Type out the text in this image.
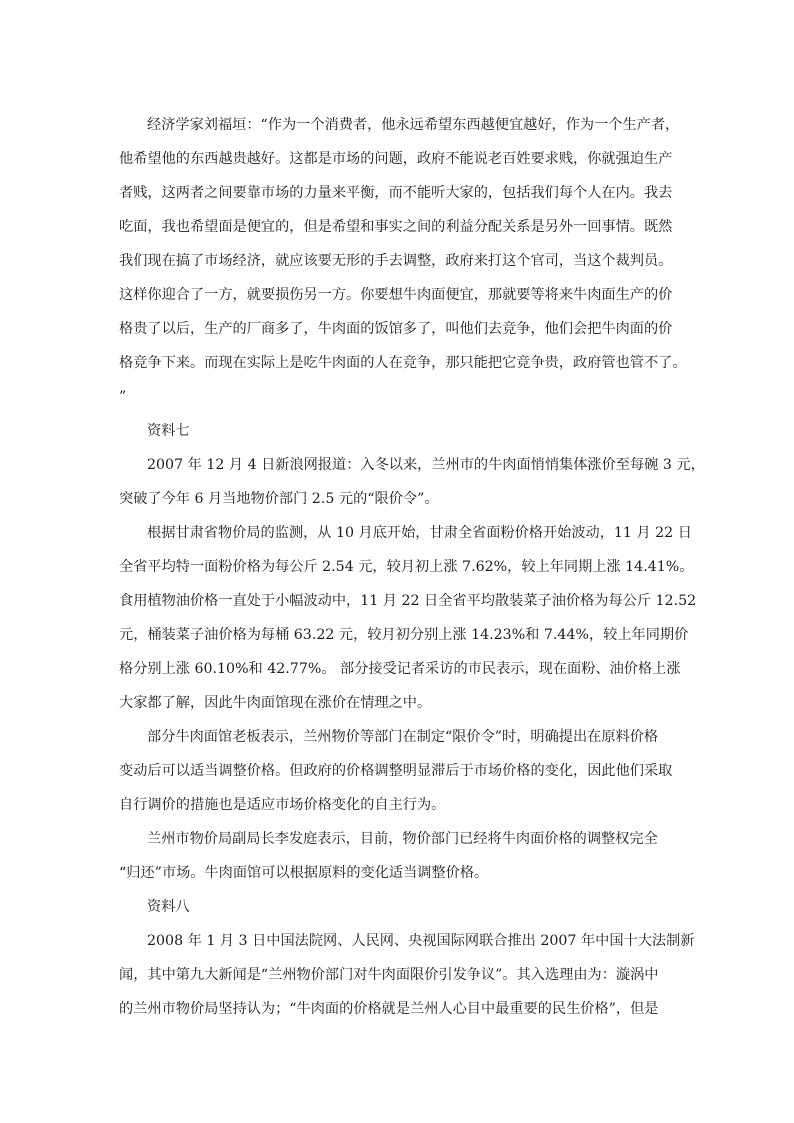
经济学家刘福垣：“作为一个消费者，他永远希望东西越便宜越好，作为一个生产者，
他希望他的东西越贵越好。这都是市场的问题，政府不能说老百姓要求贱，你就强迫生产
者贱，这两者之间要靠市场的力量来平衡，而不能听大家的，包括我们每个人在内。我去
吃面，我也希望面是便宜的，但是希望和事实之间的利益分配关系是另外一回事情。既然
我们现在搞了市场经济，就应该要无形的手去调整，政府来打这个官司，当这个裁判员。
这样你迎合了一方，就要损伤另一方。你要想牛肉面便宜，那就要等将来牛肉面生产的价
格贵了以后，生产的厂商多了，牛肉面的饭馆多了，叫他们去竞争，他们会把牛肉面的价
格竞争下来。而现在实际上是吃牛肉面的人在竞争，那只能把它竞争贵，政府管也管不了。
”
资料七
2007 年 12 月 4 日新浪网报道：入冬以来，兰州市的牛肉面悄悄集体涨价至每碗 3 元，
突破了今年 6 月当地物价部门 2.5 元的“限价令”。
根据甘肃省物价局的监测，从 10 月底开始，甘肃全省面粉价格开始波动，11 月 22 日
全省平均特一面粉价格为每公斤 2.54 元，较月初上涨 7.62%，较上年同期上涨 14.41%。
食用植物油价格一直处于小幅波动中，11 月 22 日全省平均散装菜子油价格为每公斤 12.52
元，桶装菜子油价格为每桶 63.22 元，较月初分别上涨 14.23%和 7.44%，较上年同期价
格分别上涨 60.10%和 42.77%。 部分接受记者采访的市民表示，现在面粉、油价格上涨
大家都了解，因此牛肉面馆现在涨价在情理之中。
部分牛肉面馆老板表示，兰州物价等部门在制定“限价令”时，明确提出在原料价格
变动后可以适当调整价格。但政府的价格调整明显滞后于市场价格的变化，因此他们采取
自行调价的措施也是适应市场价格变化的自主行为。
兰州市物价局副局长李发庭表示，目前，物价部门已经将牛肉面价格的调整权完全
“归还”市场。牛肉面馆可以根据原料的变化适当调整价格。
资料八
2008 年 1 月 3 日中国法院网、人民网、央视国际网联合推出 2007 年中国十大法制新
闻，其中第九大新闻是“兰州物价部门对牛肉面限价引发争议”。其入选理由为：漩涡中
的兰州市物价局坚持认为；“牛肉面的价格就是兰州人心目中最重要的民生价格”，但是
